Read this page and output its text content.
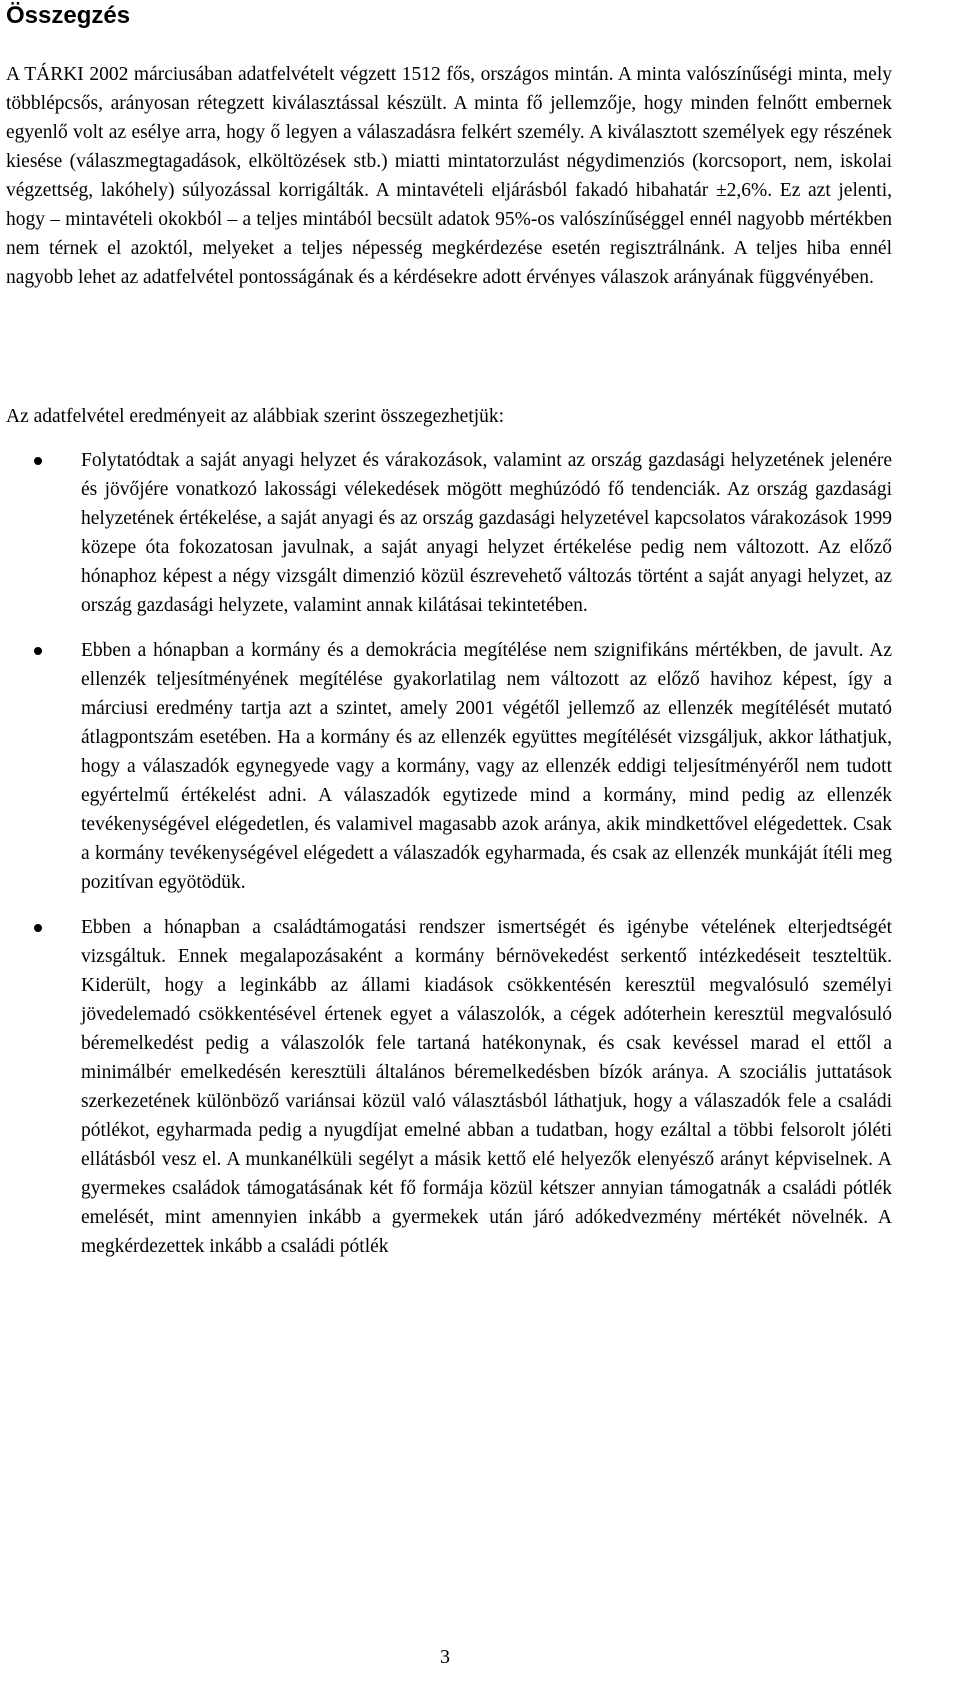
Összegzés

A TÁRKI 2002 márciusában adatfelvételt végzett 1512 fős, országos mintán. A minta valószínűségi minta, mely többlépcsős, arányosan rétegzett kiválasztással készült. A minta fő jellemzője, hogy minden felnőtt embernek egyenlő volt az esélye arra, hogy ő legyen a válaszadásra felkért személy. A kiválasztott személyek egy részének kiesése (válaszmegtagadások, elköltözések stb.) miatti mintatorzulást négydimenziós (korcsoport, nem, iskolai végzettség, lakóhely) súlyozással korrigálták. A mintavételi eljárásból fakadó hibahatár ±2,6%. Ez azt jelenti, hogy – mintavételi okokból – a teljes mintából becsült adatok 95%-os valószínűséggel ennél nagyobb mértékben nem térnek el azoktól, melyeket a teljes népesség megkérdezése esetén regisztrálnánk. A teljes hiba ennél nagyobb lehet az adatfelvétel pontosságának és a kérdésekre adott érvényes válaszok arányának függvényében.

Az adatfelvétel eredményeit az alábbiak szerint összegezhetjük:

Folytatódtak a saját anyagi helyzet és várakozások, valamint az ország gazdasági helyzetének jelenére és jövőjére vonatkozó lakossági vélekedések mögött meghúzódó fő tendenciák. Az ország gazdasági helyzetének értékelése, a saját anyagi és az ország gazdasági helyzetével kapcsolatos várakozások 1999 közepe óta fokozatosan javulnak, a saját anyagi helyzet értékelése pedig nem változott. Az előző hónaphoz képest a négy vizsgált dimenzió közül észrevehető változás történt a saját anyagi helyzet, az ország gazdasági helyzete, valamint annak kilátásai tekintetében.
Ebben a hónapban a kormány és a demokrácia megítélése nem szignifikáns mértékben, de javult. Az ellenzék teljesítményének megítélése gyakorlatilag nem változott az előző havihoz képest, így a márciusi eredmény tartja azt a szintet, amely 2001 végétől jellemző az ellenzék megítélését mutató átlagpontszám esetében. Ha a kormány és az ellenzék együttes megítélését vizsgáljuk, akkor láthatjuk, hogy a válaszadók egynegyede vagy a kormány, vagy az ellenzék eddigi teljesítményéről nem tudott egyértelmű értékelést adni. A válaszadók egytizede mind a kormány, mind pedig az ellenzék tevékenységével elégedetlen, és valamivel magasabb azok aránya, akik mindkettővel elégedettek. Csak a kormány tevékenységével elégedett a válaszadók egyharmada, és csak az ellenzék munkáját ítéli meg pozitívan egyötödük.
Ebben a hónapban a családtámogatási rendszer ismertségét és igénybe vételének elterjedtségét vizsgáltuk. Ennek megalapozásaként a kormány bérnövekedést serkentő intézkedéseit teszteltük. Kiderült, hogy a leginkább az állami kiadások csökkentésén keresztül megvalósuló személyi jövedelemadó csökkentésével értenek egyet a válaszolók, a cégek adóterhein keresztül megvalósuló béremelkedést pedig a válaszolók fele tartaná hatékonynak, és csak kevéssel marad el ettől a minimálbér emelkedésén keresztüli általános béremelkedésben bízók aránya. A szociális juttatások szerkezetének különböző variánsai közül való választásból láthatjuk, hogy a válaszadók fele a családi pótlékot, egyharmada pedig a nyugdíjat emelné abban a tudatban, hogy ezáltal a többi felsorolt jóléti ellátásból vesz el. A munkanélküli segélyt a másik kettő elé helyezők elenyésző arányt képviselnek. A gyermekes családok támogatásának két fő formája közül kétszer annyian támogatnák a családi pótlék emelését, mint amennyien inkább a gyermekek után járó adókedvezmény mértékét növelnék. A megkérdezettek inkább a családi pótlék
3
